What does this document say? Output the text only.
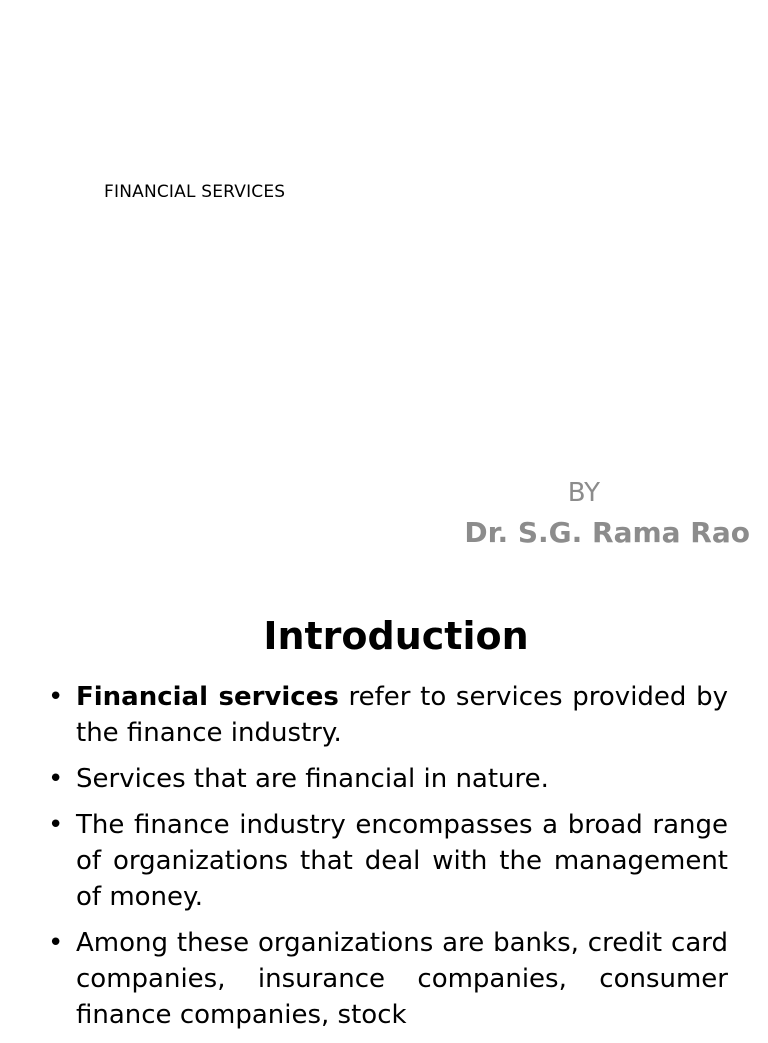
FINANCIAL SERVICES
BY
Dr. S.G. Rama Rao
Introduction
• Financial services refer to services provided by the finance industry.
• Services that are financial in nature.
• The finance industry encompasses a broad range of organizations that deal with the management of money.
• Among these organizations are banks, credit card companies, insurance companies, consumer finance companies, stock
